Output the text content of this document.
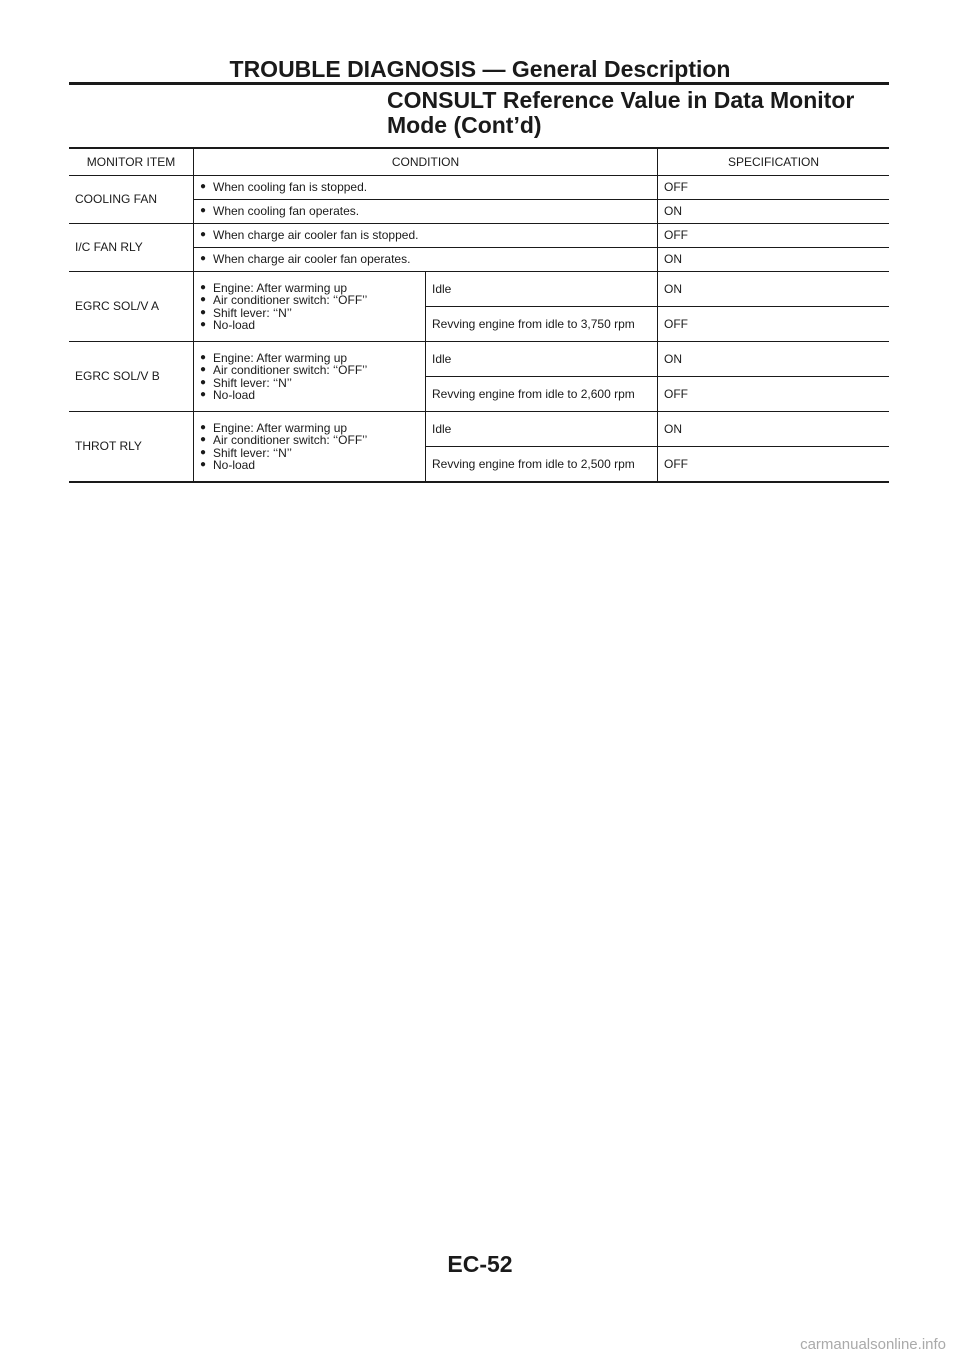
TROUBLE DIAGNOSIS — General Description
CONSULT Reference Value in Data Monitor
Mode (Cont’d)
MONITOR ITEM	CONDITION		SPECIFICATION
COOLING FAN	● When cooling fan is stopped.		OFF

	● When cooling fan operates.		ON
I/C FAN RLY	● When charge air cooler fan is stopped.		OFF

	● When charge air cooler fan operates.		ON
EGRC SOL/V A	● Engine: After warming up
● Air conditioner switch: ‘‘OFF’’
● Shift lever: ‘‘N’’
● No-load	Idle	ON
		Revving engine from idle to 3,750 rpm	OFF
EGRC SOL/V B	● Engine: After warming up
● Air conditioner switch: ‘‘OFF’’
● Shift lever: ‘‘N’’
● No-load	Idle	ON
		Revving engine from idle to 2,600 rpm	OFF
THROT RLY	● Engine: After warming up
● Air conditioner switch: ‘‘OFF’’
● Shift lever: ‘‘N’’
● No-load	Idle	ON
		Revving engine from idle to 2,500 rpm	OFF
EC-52
carmanualsonline.info
